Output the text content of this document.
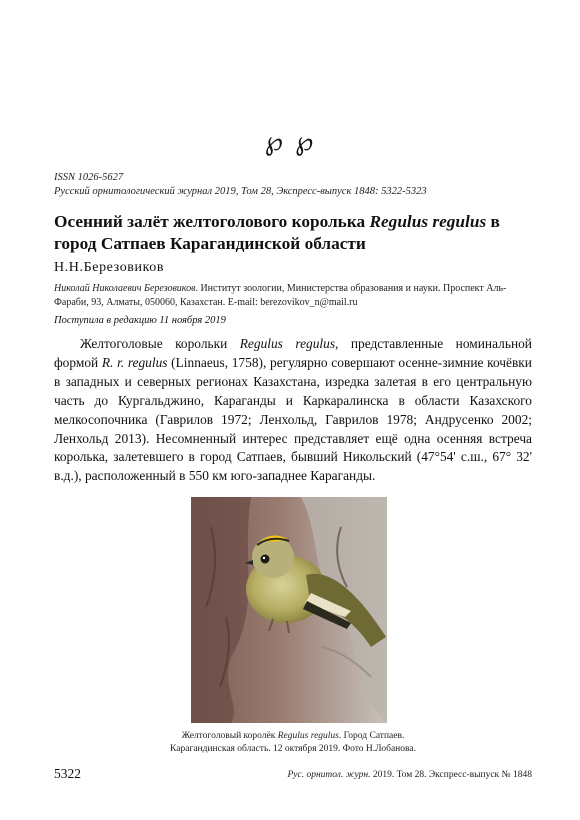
℘ ℘
ISSN 1026-5627
Русский орнитологический журнал 2019, Том 28, Экспресс-выпуск 1848: 5322-5323
Осенний залёт желтоголового королька Regulus regulus в город Сатпаев Карагандинской области
Н.Н.Березовиков
Николай Николаевич Березовиков. Институт зоологии, Министерства образования и науки. Проспект Аль-Фараби, 93, Алматы, 050060, Казахстан. E-mail: berezovikov_n@mail.ru
Поступила в редакцию 11 ноября 2019

Желтоголовые корольки Regulus regulus, представленные номинальной формой R. r. regulus (Linnaeus, 1758), регулярно совершают осенне-зимние кочёвки в западных и северных регионах Казахстана, изредка залетая в его центральную часть до Кургальджино, Караганды и Каркаралинска в области Казахского мелкосопочника (Гаврилов 1972; Ленхольд, Гаврилов 1978; Андрусенко 2002; Ленхольд 2013). Несомненный интерес представляет ещё одна осенняя встреча королька, залетевшего в город Сатпаев, бывший Никольский (47°54' с.ш., 67° 32' в.д.), расположенный в 550 км юго-западнее Караганды.

Желтоголовый королёк Regulus regulus. Город Сатпаев.
Карагандинская область. 12 октября 2019. Фото Н.Лобанова.
5322	Рус. орнитол. журн. 2019. Том 28. Экспресс-выпуск № 1848
